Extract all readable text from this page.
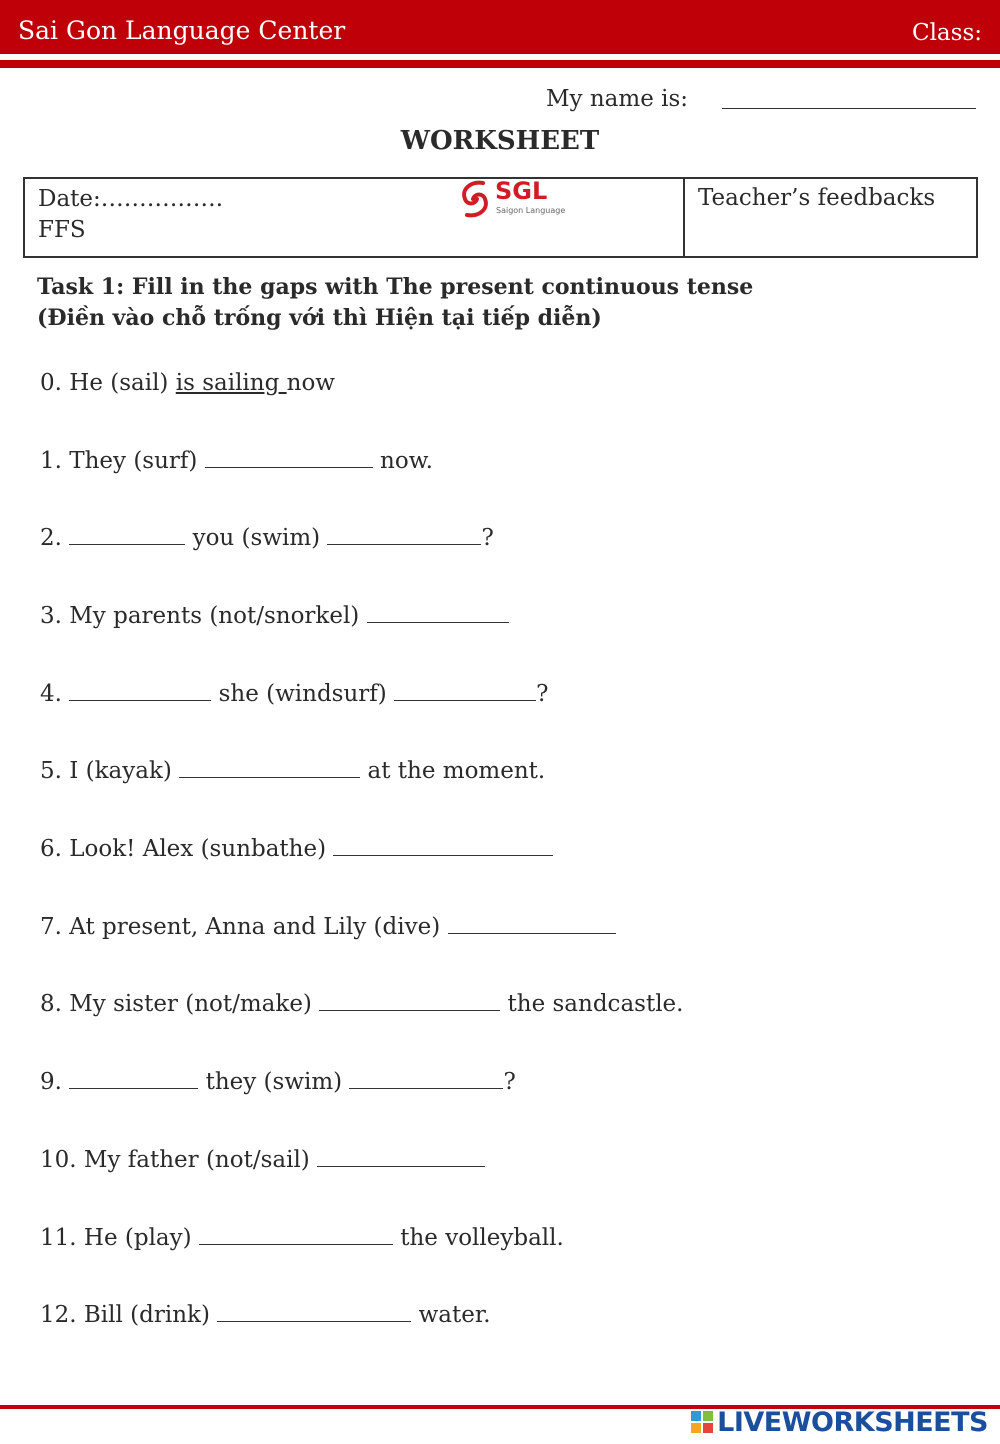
Sai Gon Language Center	Class:
My name is:
WORKSHEET
Date:…………….
FFS
SGL
Saigon Language	Teacher’s feedbacks
Task 1: Fill in the gaps with The present continuous tense
(Điền vào chỗ trống với thì Hiện tại tiếp diễn)
0. He (sail) is sailing now
1. They (surf)	now.
2.	you (swim)	?
3. My parents (not/snorkel)
4.	she (windsurf)	?
5. I (kayak)	at the moment.
6. Look! Alex (sunbathe)
7. At present, Anna and Lily (dive)
8. My sister (not/make)	the sandcastle.
9.	they (swim)	?
10. My father (not/sail)
11. He (play)	the volleyball.
12. Bill (drink)	water.
LIVEWORKSHEETS
